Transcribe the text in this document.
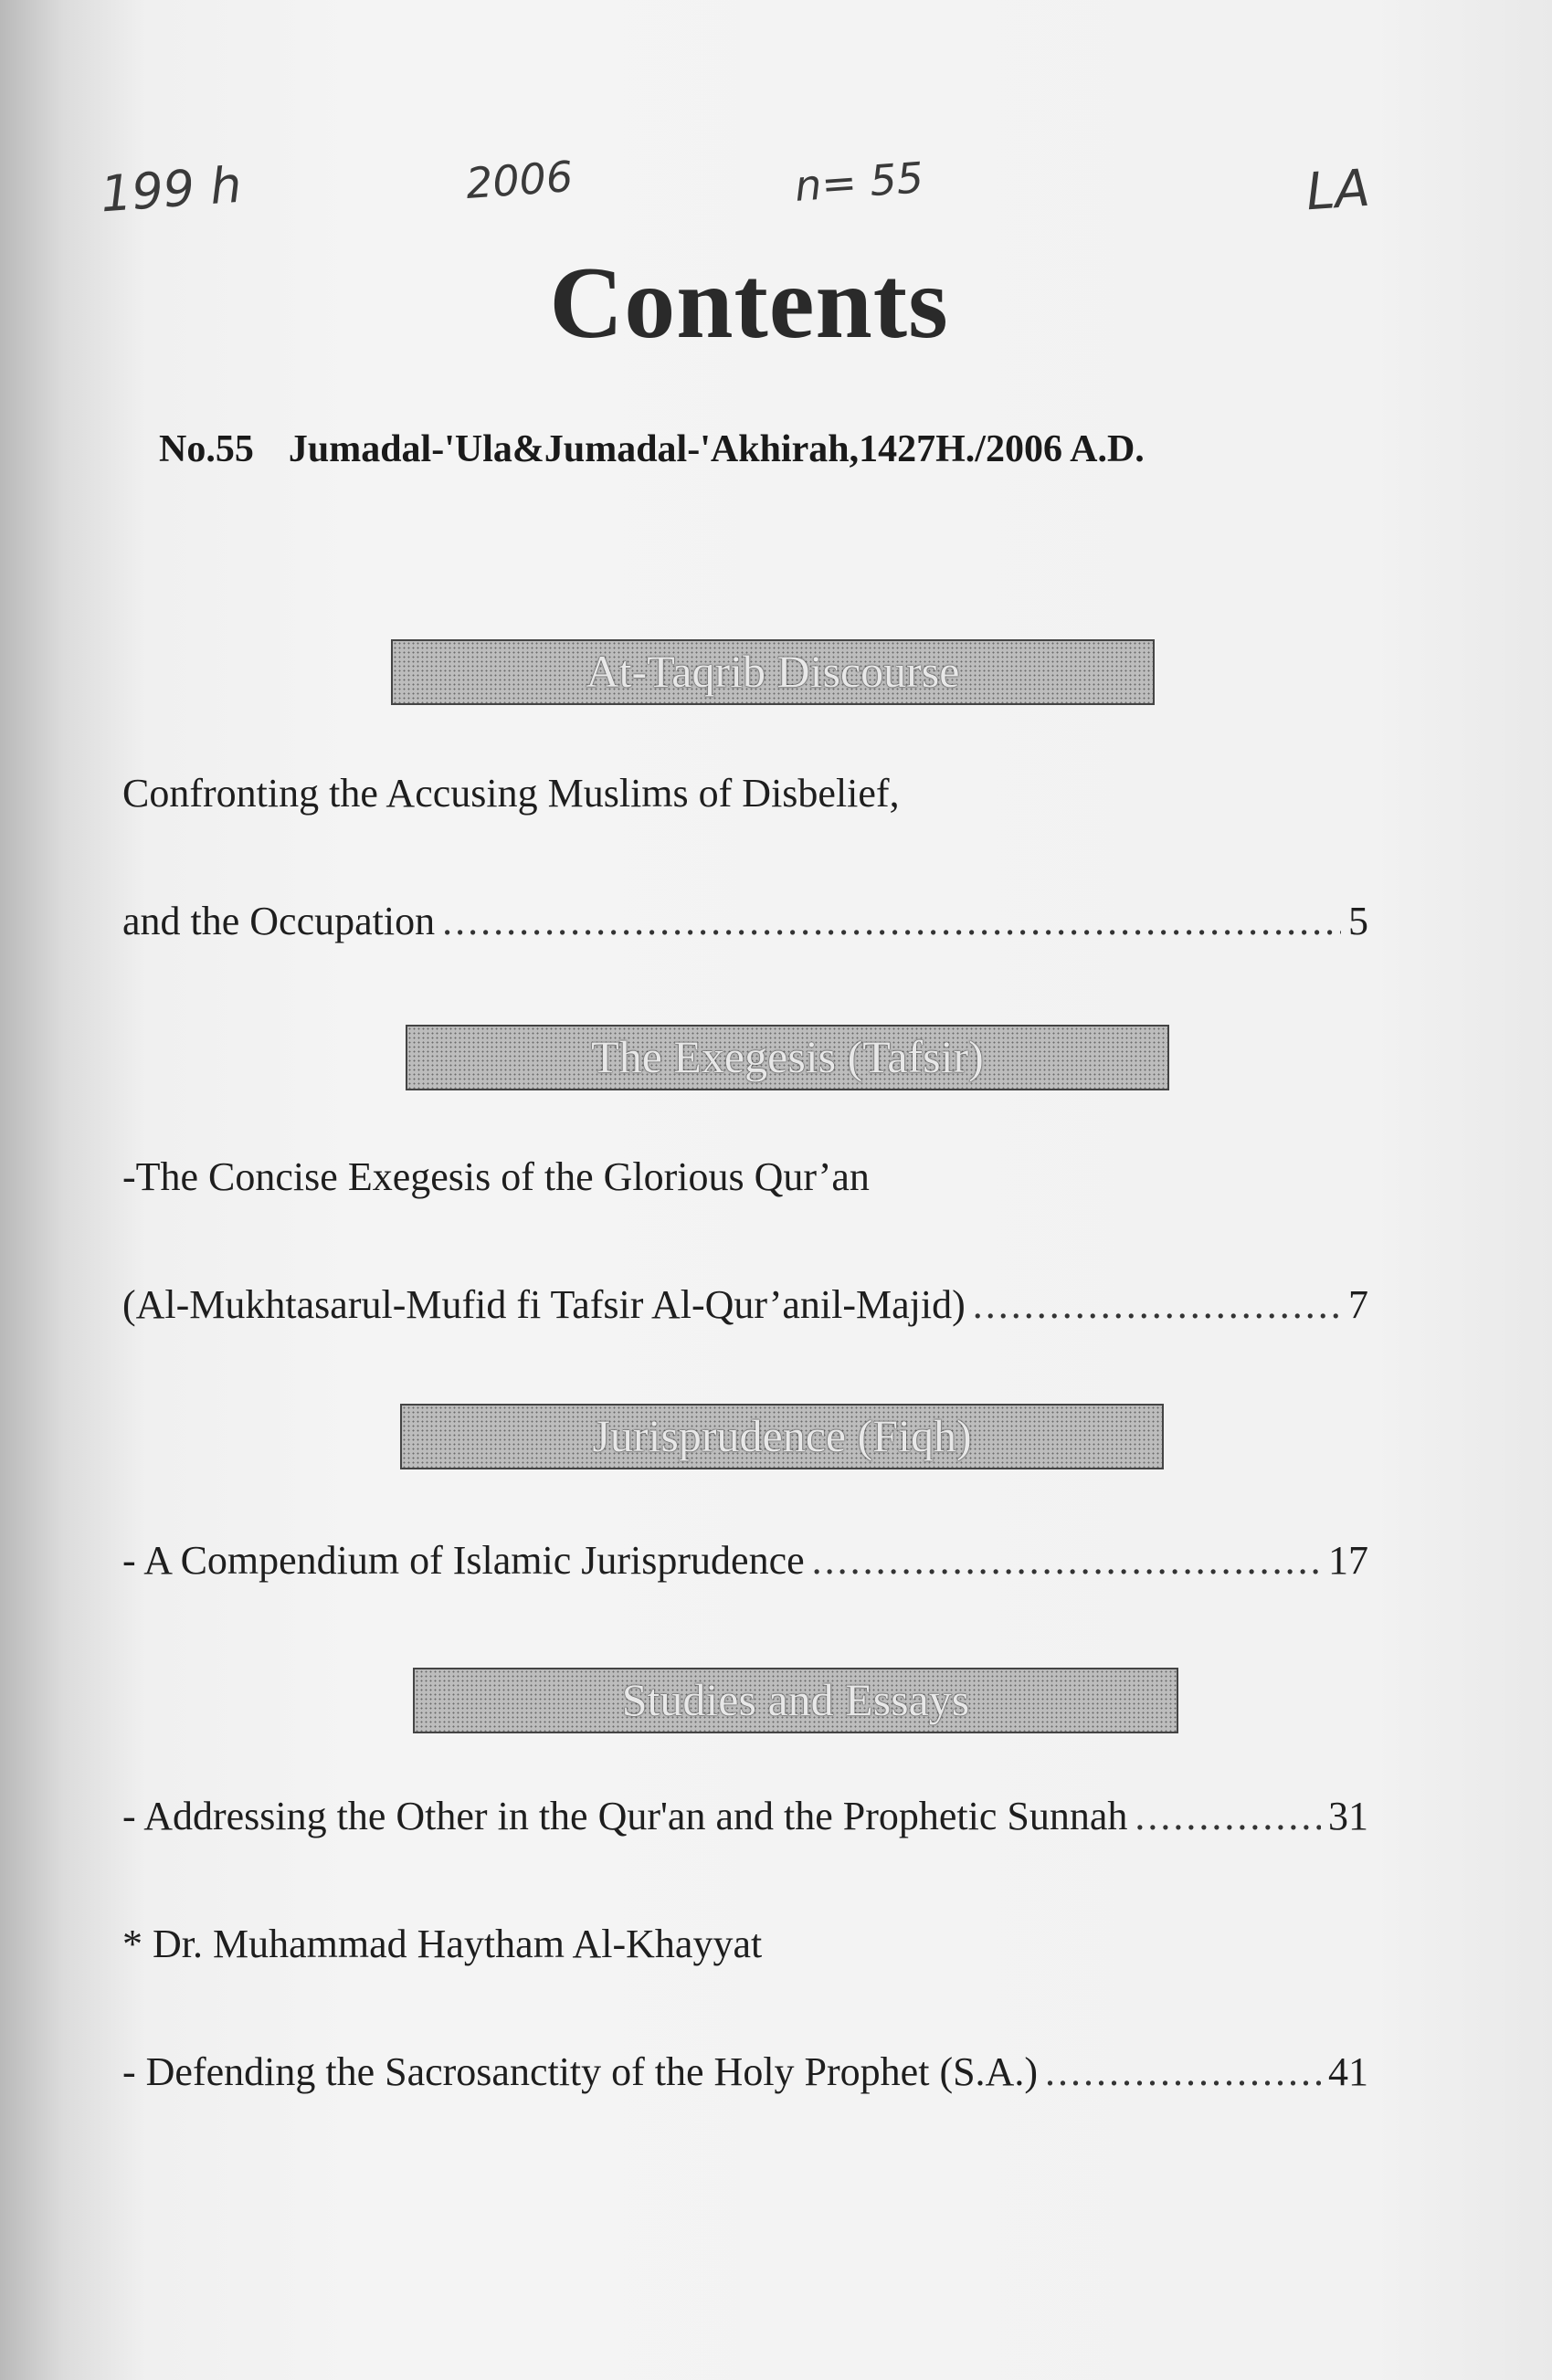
199 h	2006	n= 55	LA
Contents
No.55 Jumadal-'Ula&Jumadal-'Akhirah,1427H./2006 A.D.
At-Taqrib Discourse
Confronting the Accusing Muslims of Disbelief,
and the Occupation .....	5
The Exegesis (Tafsir)
-The Concise Exegesis of the Glorious Qur’an
(Al-Mukhtasarul-Mufid fi Tafsir Al-Qur’anil-Majid) .....	7
Jurisprudence (Fiqh)
- A Compendium of Islamic Jurisprudence .....	17
Studies and Essays
- Addressing the Other in the Qur'an and the Prophetic Sunnah .....	31
* Dr. Muhammad Haytham Al-Khayyat
- Defending the Sacrosanctity of the Holy Prophet (S.A.) .....	41
